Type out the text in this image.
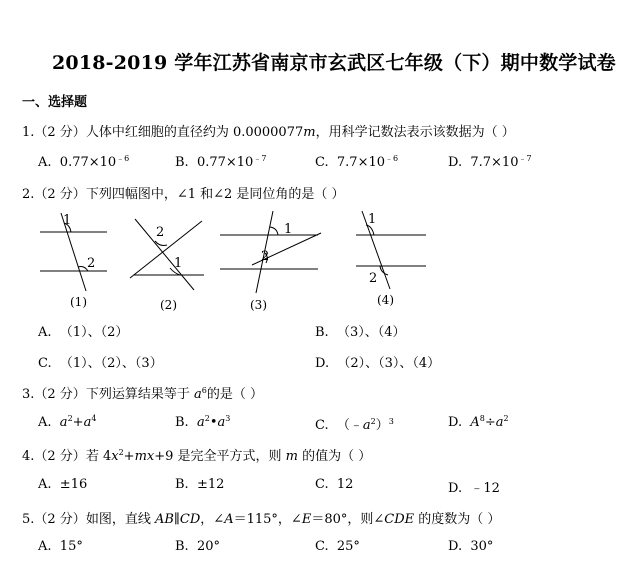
2018-2019 学年江苏省南京市玄武区七年级（下）期中数学试卷
一、选择题
1.（2 分）人体中红细胞的直径约为 0.0000077m，用科学记数法表示该数据为（ ）
A. $0.77\times 10^{﹣6}$	B. $0.77\times 10^{﹣7}$	C. $7.7\times 10^{﹣6}$	D. $7.7\times 10^{﹣7}$
2.（2 分）下列四幅图中，∠1 和∠2 是同位角的是（ ）
1
2
2
1
1
2
1
2
(1)	(2)	(3)	(4)
A. （1）、（2）	B. （3）、（4）
C. （1）、（2）、（3）	D. （2）、（3）、（4）
3.（2 分）下列运算结果等于 $a^6$的是（ ）
A. $a^2+a^4$	B. $a^2•a^3$	C. $(﹣a^2)^3$	D. $A^8\div a^2$
4.（2 分）若 $4x^2+mx+9$ 是完全平方式，则 m 的值为（ ）
A. ±16	B. ±12	C. 12	D. ﹣12
5.（2 分）如图，直线 AB∥CD，∠A＝115°，∠E＝80°，则∠CDE 的度数为（ ）
A. 15°	B. 20°	C. 25°	D. 30°
